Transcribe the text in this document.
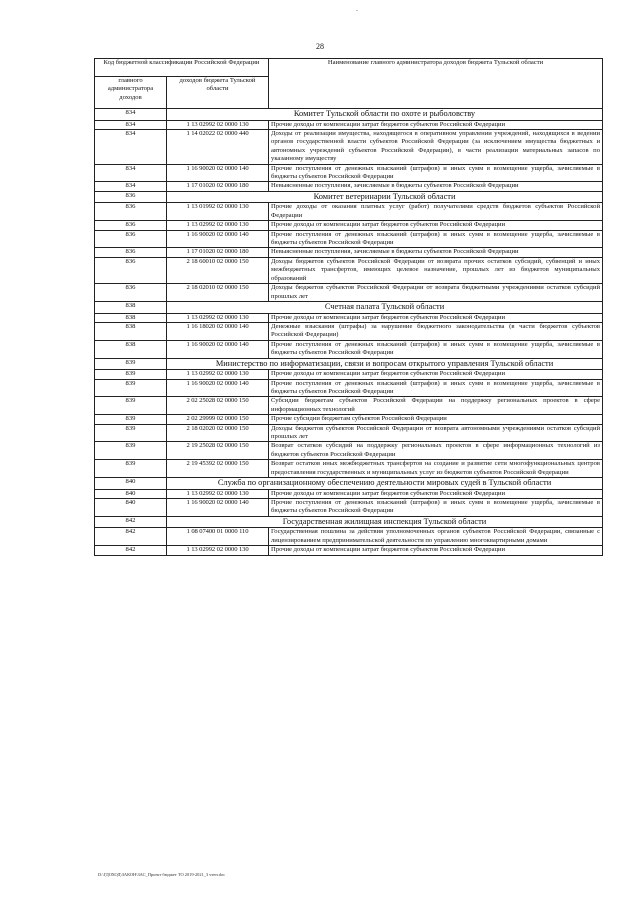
-
28
Код бюджетной классификации Российской Федерации		Наименование главного администратора доходов бюджета Тульской области
главного администратора доходов	доходов бюджета Тульской области	
834	Комитет Тульской области по охоте и рыболовству	
834	1 13 02992 02 0000 130	Прочие доходы от компенсации затрат бюджетов субъектов Российской Федерации
834	1 14 02022 02 0000 440	Доходы от реализации имущества, находящегося в оперативном управлении учреждений, находящихся в ведении органов государственной власти субъектов Российской Федерации (за исключением имущества бюджетных и автономных учреждений субъектов Российской Федерации), в части реализации материальных запасов по указанному имуществу
834	1 16 90020 02 0000 140	Прочие поступления от денежных взысканий (штрафов) и иных сумм в возмещение ущерба, зачисляемые в бюджеты субъектов Российской Федерации
834	1 17 01020 02 0000 180	Невыясненные поступления, зачисляемые в бюджеты субъектов Российской Федерации
836	Комитет ветеринарии Тульской области	
836	1 13 01992 02 0000 130	Прочие доходы от оказания платных услуг (работ) получателями средств бюджетов субъектов Российской Федерации
836	1 13 02992 02 0000 130	Прочие доходы от компенсации затрат бюджетов субъектов Российской Федерации
836	1 16 90020 02 0000 140	Прочие поступления от денежных взысканий (штрафов) и иных сумм в возмещение ущерба, зачисляемые в бюджеты субъектов Российской Федерации
836	1 17 01020 02 0000 180	Невыясненные поступления, зачисляемые в бюджеты субъектов Российской Федерации
836	2 18 60010 02 0000 150	Доходы бюджетов субъектов Российской Федерации от возврата прочих остатков субсидий, субвенций и иных межбюджетных трансфертов, имеющих целевое назначение, прошлых лет из бюджетов муниципальных образований
836	2 18 02010 02 0000 150	Доходы бюджетов субъектов Российской Федерации от возврата бюджетными учреждениями остатков субсидий прошлых лет
838	Счетная палата Тульской области	
838	1 13 02992 02 0000 130	Прочие доходы от компенсации затрат бюджетов субъектов Российской Федерации
838	1 16 18020 02 0000 140	Денежные взыскания (штрафы) за нарушение бюджетного законодательства (в части бюджетов субъектов Российской Федерации)
838	1 16 90020 02 0000 140	Прочие поступления от денежных взысканий (штрафов) и иных сумм в возмещение ущерба, зачисляемые в бюджеты субъектов Российской Федерации
839	Министерство по информатизации, связи и вопросам открытого управления Тульской области	
839	1 13 02992 02 0000 130	Прочие доходы от компенсации затрат бюджетов субъектов Российской Федерации
839	1 16 90020 02 0000 140	Прочие поступления от денежных взысканий (штрафов) и иных сумм в возмещение ущерба, зачисляемые в бюджеты субъектов Российской Федерации
839	2 02 25028 02 0000 150	Субсидии бюджетам субъектов Российской Федерации на поддержку региональных проектов в сфере информационных технологий
839	2 02 29999 02 0000 150	Прочие субсидии бюджетам субъектов Российской Федерации
839	2 18 02020 02 0000 150	Доходы бюджетов субъектов Российской Федерации от возврата автономными учреждениями остатков субсидий прошлых лет
839	2 19 25028 02 0000 150	Возврат остатков субсидий на поддержку региональных проектов в сфере информационных технологий из бюджетов субъектов Российской Федерации
839	2 19 45392 02 0000 150	Возврат остатков иных межбюджетных трансфертов на создание и развитие сети многофункциональных центров предоставления государственных и муниципальных услуг из бюджетов субъектов Российской Федерации
840	Служба по организационному обеспечению деятельности мировых судей в Тульской области	
840	1 13 02992 02 0000 130	Прочие доходы от компенсации затрат бюджетов субъектов Российской Федерации
840	1 16 90020 02 0000 140	Прочие поступления от денежных взысканий (штрафов) и иных сумм в возмещение ущерба, зачисляемые в бюджеты субъектов Российской Федерации
842	Государственная жилищная инспекция Тульской области	
842	1 08 07400 01 0000 110	Государственная пошлина за действия уполномоченных органов субъектов Российской Федерации, связанные с лицензированием предпринимательской деятельности по управлению многоквартирными домами
842	1 13 02992 02 0000 130	Прочие доходы от компенсации затрат бюджетов субъектов Российской Федерации
D:\ГДОХОД\ЗАКОН\ЗАС_Проект бюджет ТО 2019-2021_3 чтен.doc
